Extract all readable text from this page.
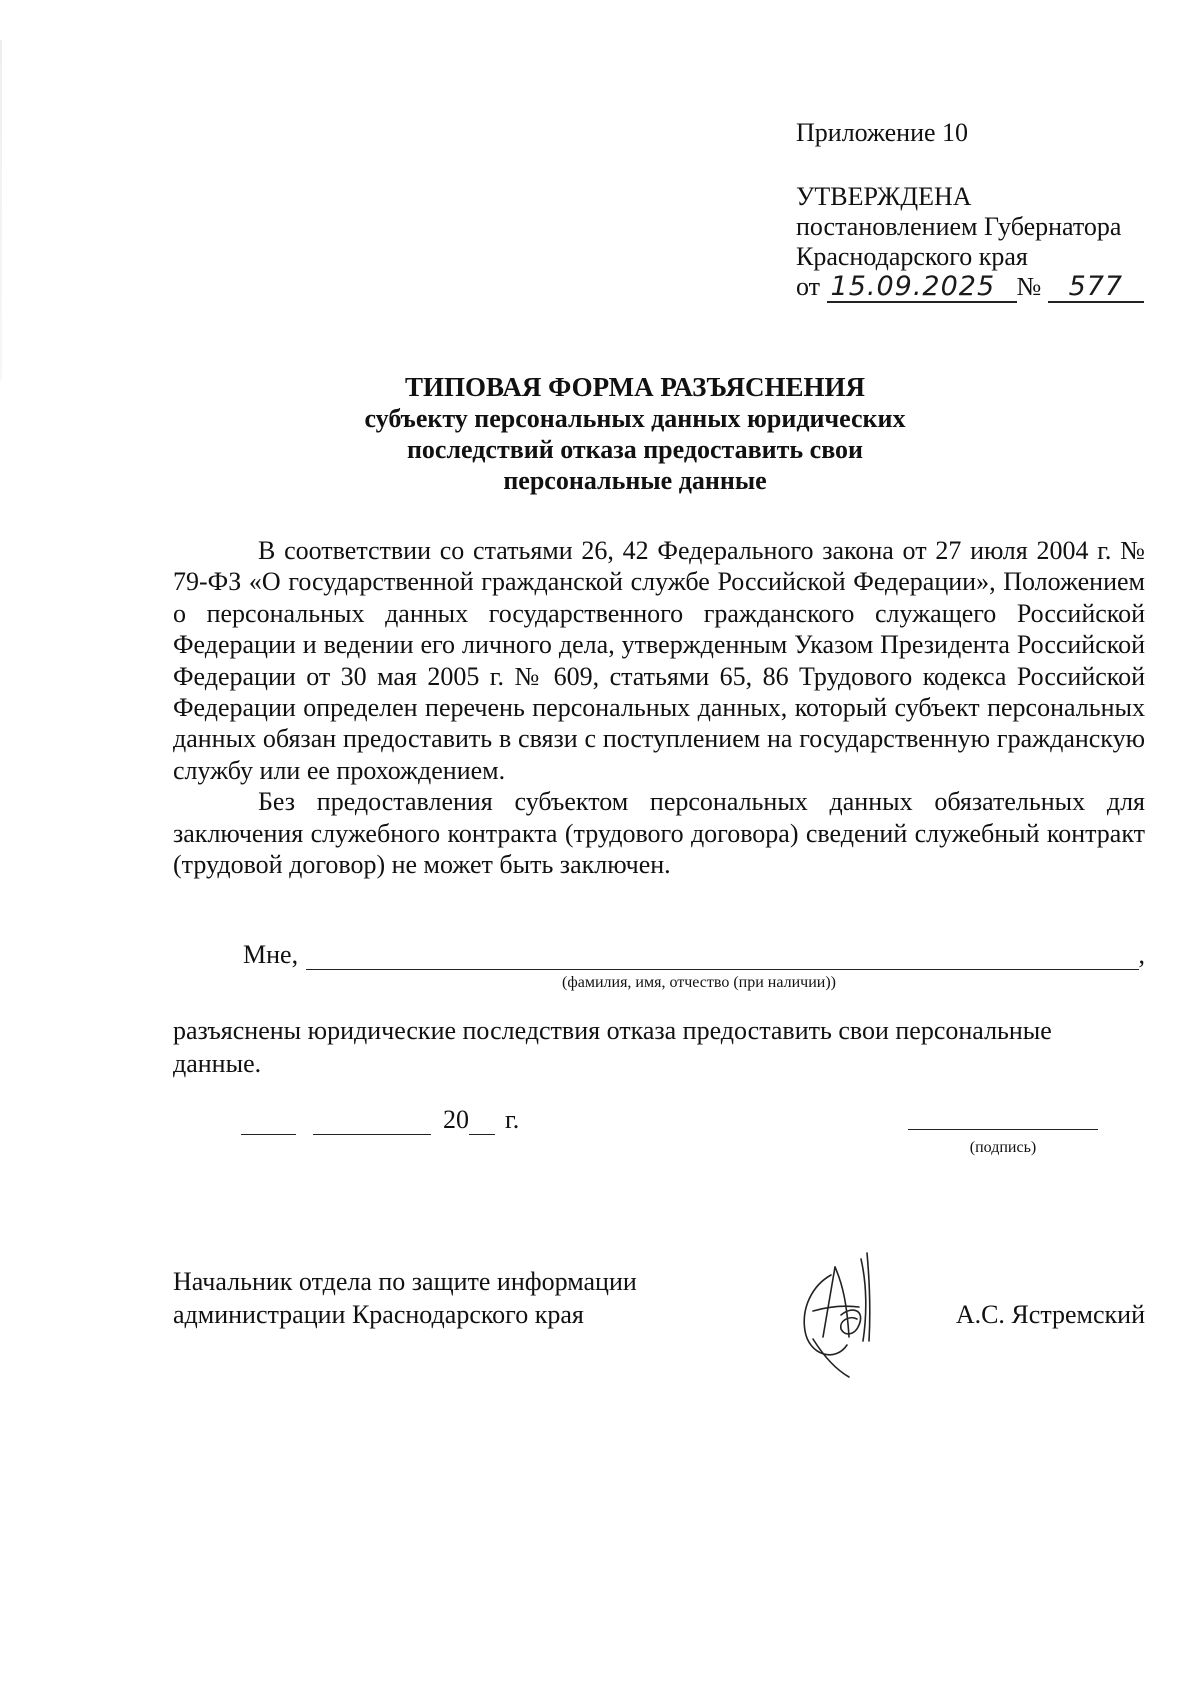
Приложение 10
УТВЕРЖДЕНА
постановлением Губернатора
Краснодарского края
от 15.09.2025 № 577
ТИПОВАЯ ФОРМА РАЗЪЯСНЕНИЯ
субъекту персональных данных юридических
последствий отказа предоставить свои
персональные данные

В соответствии со статьями 26, 42 Федерального закона от 27 июля 2004 г. № 79-ФЗ «О государственной гражданской службе Российской Федерации», Положением о персональных данных государственного гражданского служащего Российской Федерации и ведении его личного дела, утвержденным Указом Президента Российской Федерации от 30 мая 2005 г. № 609, статьями 65, 86 Трудового кодекса Российской Федерации определен перечень персональных данных, который субъект персональных данных обязан предоставить в связи с поступлением на государственную гражданскую службу или ее прохождением.

Без предоставления субъектом персональных данных обязательных для заключения служебного контракта (трудового договора) сведений служебный контракт (трудовой договор) не может быть заключен.

Мне,	,
(фамилия, имя, отчество (при наличии))
разъяснены юридические последствия отказа предоставить свои персональные данные.
20 г.
(подпись)
Начальник отдела по защите информации
администрации Краснодарского края	А.С. Ястремский
